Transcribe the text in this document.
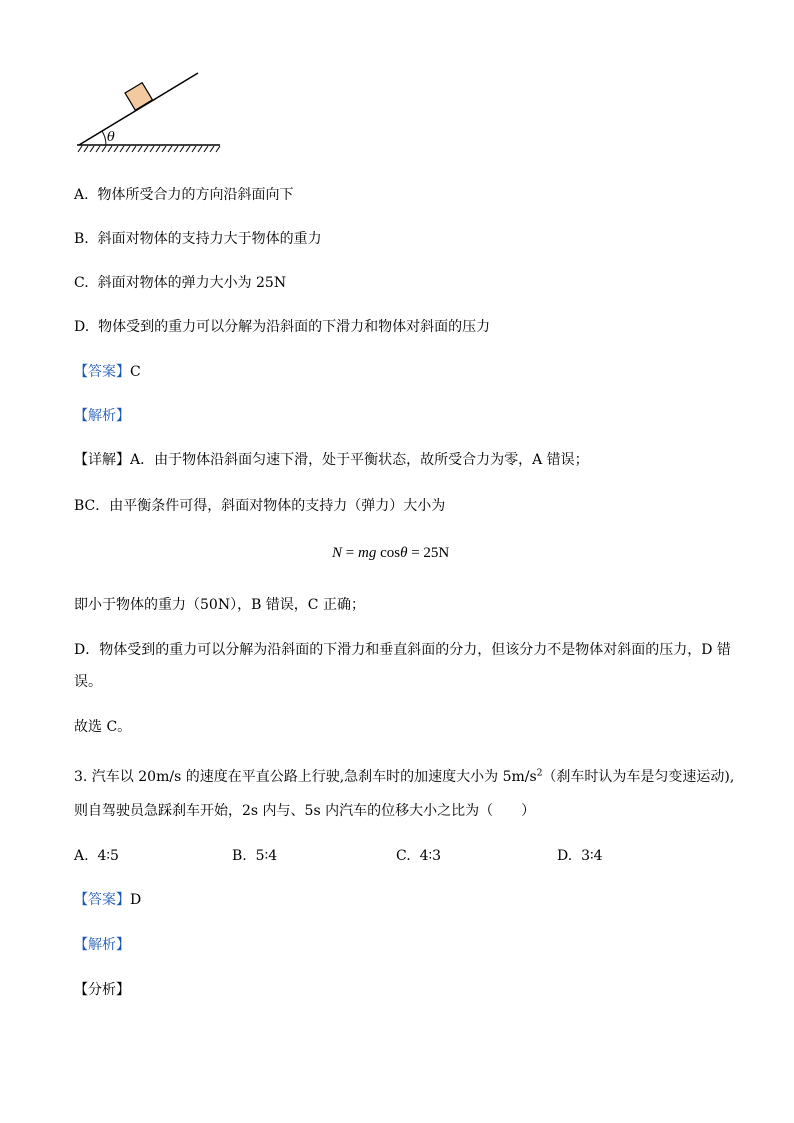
θ
A. 物体所受合力的方向沿斜面向下
B. 斜面对物体的支持力大于物体的重力
C. 斜面对物体的弹力大小为 25N
D. 物体受到的重力可以分解为沿斜面的下滑力和物体对斜面的压力
【答案】C
【解析】
【详解】A．由于物体沿斜面匀速下滑，处于平衡状态，故所受合力为零，A 错误；
BC．由平衡条件可得，斜面对物体的支持力（弹力）大小为
N = mg cosθ = 25N
即小于物体的重力（50N），B 错误，C 正确；
D．物体受到的重力可以分解为沿斜面的下滑力和垂直斜面的分力，但该分力不是物体对斜面的压力，D 错
误。
故选 C。
3. 汽车以 20m/s 的速度在平直公路上行驶,急刹车时的加速度大小为 $5m/s^2$（刹车时认为车是匀变速运动),
则自驾驶员急踩刹车开始，2s 内与、5s 内汽车的位移大小之比为（　　）
A. 4∶5	B. 5∶4	C. 4∶3	D. 3∶4
【答案】D
【解析】
【分析】
